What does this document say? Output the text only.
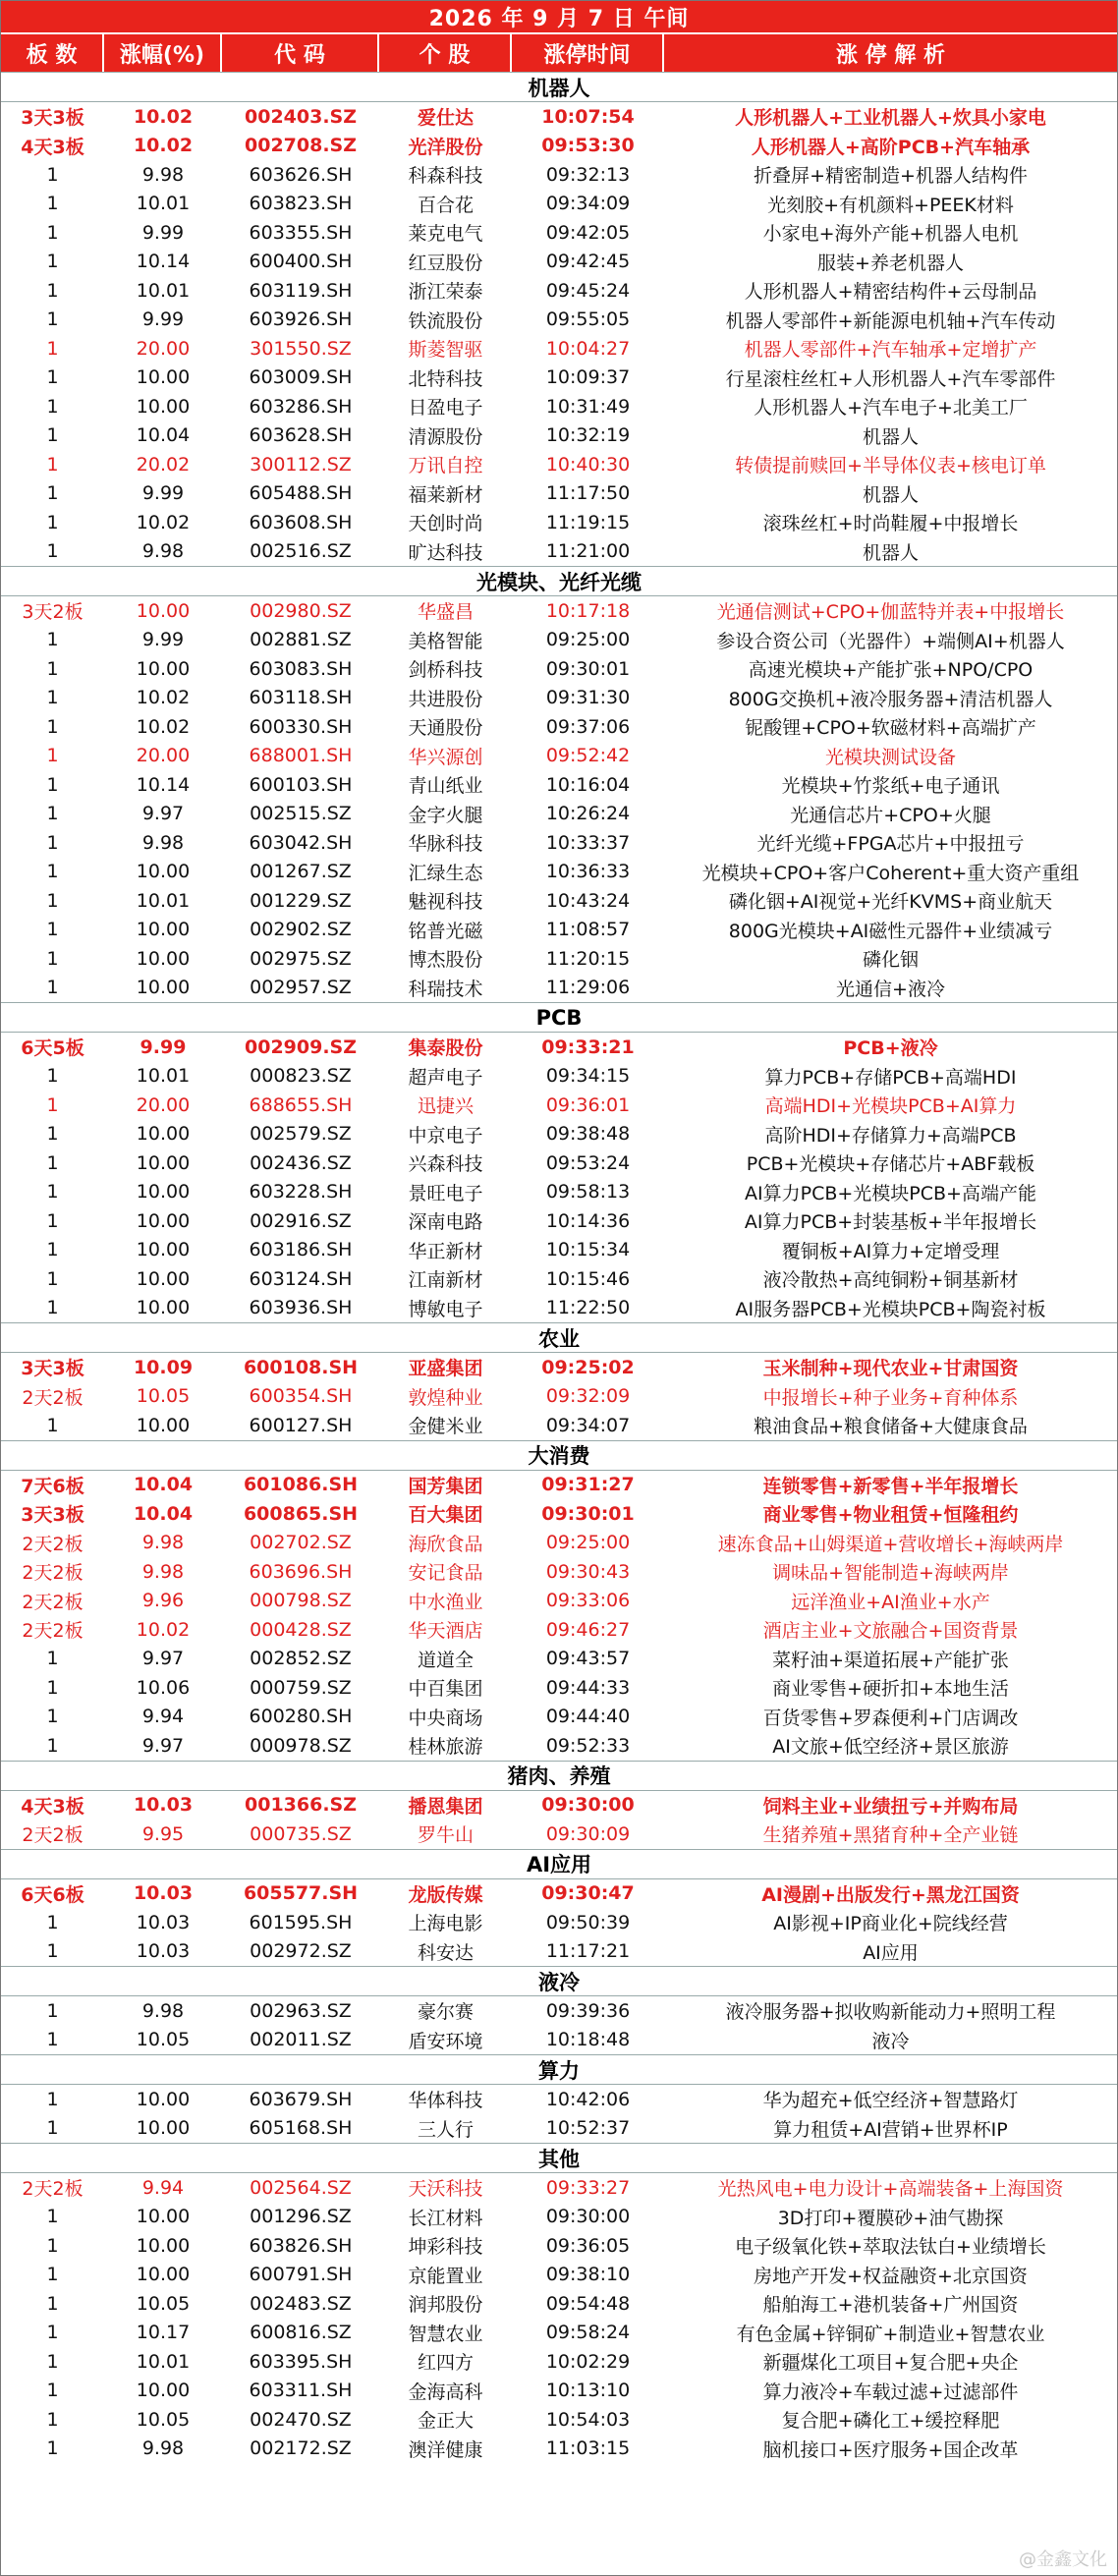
2026 年 9 月 7 日 午间
板 数	涨幅(%)	代 码	个 股	涨停时间	涨 停 解 析
机器人
3天3板	10.02	002403.SZ	爱仕达	10:07:54	人形机器人+工业机器人+炊具小家电
4天3板	10.02	002708.SZ	光洋股份	09:53:30	人形机器人+高阶PCB+汽车轴承
1	9.98	603626.SH	科森科技	09:32:13	折叠屏+精密制造+机器人结构件
1	10.01	603823.SH	百合花	09:34:09	光刻胶+有机颜料+PEEK材料
1	9.99	603355.SH	莱克电气	09:42:05	小家电+海外产能+机器人电机
1	10.14	600400.SH	红豆股份	09:42:45	服装+养老机器人
1	10.01	603119.SH	浙江荣泰	09:45:24	人形机器人+精密结构件+云母制品
1	9.99	603926.SH	铁流股份	09:55:05	机器人零部件+新能源电机轴+汽车传动
1	20.00	301550.SZ	斯菱智驱	10:04:27	机器人零部件+汽车轴承+定增扩产
1	10.00	603009.SH	北特科技	10:09:37	行星滚柱丝杠+人形机器人+汽车零部件
1	10.00	603286.SH	日盈电子	10:31:49	人形机器人+汽车电子+北美工厂
1	10.04	603628.SH	清源股份	10:32:19	机器人
1	20.02	300112.SZ	万讯自控	10:40:30	转债提前赎回+半导体仪表+核电订单
1	9.99	605488.SH	福莱新材	11:17:50	机器人
1	10.02	603608.SH	天创时尚	11:19:15	滚珠丝杠+时尚鞋履+中报增长
1	9.98	002516.SZ	旷达科技	11:21:00	机器人
光模块、光纤光缆
3天2板	10.00	002980.SZ	华盛昌	10:17:18	光通信测试+CPO+伽蓝特并表+中报增长
1	9.99	002881.SZ	美格智能	09:25:00	参设合资公司（光器件）+端侧AI+机器人
1	10.00	603083.SH	剑桥科技	09:30:01	高速光模块+产能扩张+NPO/CPO
1	10.02	603118.SH	共进股份	09:31:30	800G交换机+液冷服务器+清洁机器人
1	10.02	600330.SH	天通股份	09:37:06	铌酸锂+CPO+软磁材料+高端扩产
1	20.00	688001.SH	华兴源创	09:52:42	光模块测试设备
1	10.14	600103.SH	青山纸业	10:16:04	光模块+竹浆纸+电子通讯
1	9.97	002515.SZ	金字火腿	10:26:24	光通信芯片+CPO+火腿
1	9.98	603042.SH	华脉科技	10:33:37	光纤光缆+FPGA芯片+中报扭亏
1	10.00	001267.SZ	汇绿生态	10:36:33	光模块+CPO+客户Coherent+重大资产重组
1	10.01	001229.SZ	魅视科技	10:43:24	磷化铟+AI视觉+光纤KVMS+商业航天
1	10.00	002902.SZ	铭普光磁	11:08:57	800G光模块+AI磁性元器件+业绩减亏
1	10.00	002975.SZ	博杰股份	11:20:15	磷化铟
1	10.00	002957.SZ	科瑞技术	11:29:06	光通信+液冷
PCB
6天5板	9.99	002909.SZ	集泰股份	09:33:21	PCB+液冷
1	10.01	000823.SZ	超声电子	09:34:15	算力PCB+存储PCB+高端HDI
1	20.00	688655.SH	迅捷兴	09:36:01	高端HDI+光模块PCB+AI算力
1	10.00	002579.SZ	中京电子	09:38:48	高阶HDI+存储算力+高端PCB
1	10.00	002436.SZ	兴森科技	09:53:24	PCB+光模块+存储芯片+ABF载板
1	10.00	603228.SH	景旺电子	09:58:13	AI算力PCB+光模块PCB+高端产能
1	10.00	002916.SZ	深南电路	10:14:36	AI算力PCB+封装基板+半年报增长
1	10.00	603186.SH	华正新材	10:15:34	覆铜板+AI算力+定增受理
1	10.00	603124.SH	江南新材	10:15:46	液冷散热+高纯铜粉+铜基新材
1	10.00	603936.SH	博敏电子	11:22:50	AI服务器PCB+光模块PCB+陶瓷衬板
农业
3天3板	10.09	600108.SH	亚盛集团	09:25:02	玉米制种+现代农业+甘肃国资
2天2板	10.05	600354.SH	敦煌种业	09:32:09	中报增长+种子业务+育种体系
1	10.00	600127.SH	金健米业	09:34:07	粮油食品+粮食储备+大健康食品
大消费
7天6板	10.04	601086.SH	国芳集团	09:31:27	连锁零售+新零售+半年报增长
3天3板	10.04	600865.SH	百大集团	09:30:01	商业零售+物业租赁+恒隆租约
2天2板	9.98	002702.SZ	海欣食品	09:25:00	速冻食品+山姆渠道+营收增长+海峡两岸
2天2板	9.98	603696.SH	安记食品	09:30:43	调味品+智能制造+海峡两岸
2天2板	9.96	000798.SZ	中水渔业	09:33:06	远洋渔业+AI渔业+水产
2天2板	10.02	000428.SZ	华天酒店	09:46:27	酒店主业+文旅融合+国资背景
1	9.97	002852.SZ	道道全	09:43:57	菜籽油+渠道拓展+产能扩张
1	10.06	000759.SZ	中百集团	09:44:33	商业零售+硬折扣+本地生活
1	9.94	600280.SH	中央商场	09:44:40	百货零售+罗森便利+门店调改
1	9.97	000978.SZ	桂林旅游	09:52:33	AI文旅+低空经济+景区旅游
猪肉、养殖
4天3板	10.03	001366.SZ	播恩集团	09:30:00	饲料主业+业绩扭亏+并购布局
2天2板	9.95	000735.SZ	罗牛山	09:30:09	生猪养殖+黑猪育种+全产业链
AI应用
6天6板	10.03	605577.SH	龙版传媒	09:30:47	AI漫剧+出版发行+黑龙江国资
1	10.03	601595.SH	上海电影	09:50:39	AI影视+IP商业化+院线经营
1	10.03	002972.SZ	科安达	11:17:21	AI应用
液冷
1	9.98	002963.SZ	豪尔赛	09:39:36	液冷服务器+拟收购新能动力+照明工程
1	10.05	002011.SZ	盾安环境	10:18:48	液冷
算力
1	10.00	603679.SH	华体科技	10:42:06	华为超充+低空经济+智慧路灯
1	10.00	605168.SH	三人行	10:52:37	算力租赁+AI营销+世界杯IP
其他
2天2板	9.94	002564.SZ	天沃科技	09:33:27	光热风电+电力设计+高端装备+上海国资
1	10.00	001296.SZ	长江材料	09:30:00	3D打印+覆膜砂+油气勘探
1	10.00	603826.SH	坤彩科技	09:36:05	电子级氧化铁+萃取法钛白+业绩增长
1	10.00	600791.SH	京能置业	09:38:10	房地产开发+权益融资+北京国资
1	10.05	002483.SZ	润邦股份	09:54:48	船舶海工+港机装备+广州国资
1	10.17	600816.SZ	智慧农业	09:58:24	有色金属+锌铜矿+制造业+智慧农业
1	10.01	603395.SH	红四方	10:02:29	新疆煤化工项目+复合肥+央企
1	10.00	603311.SH	金海高科	10:13:10	算力液冷+车载过滤+过滤部件
1	10.05	002470.SZ	金正大	10:54:03	复合肥+磷化工+缓控释肥
1	9.98	002172.SZ	澳洋健康	11:03:15	脑机接口+医疗服务+国企改革
@金鑫文化
